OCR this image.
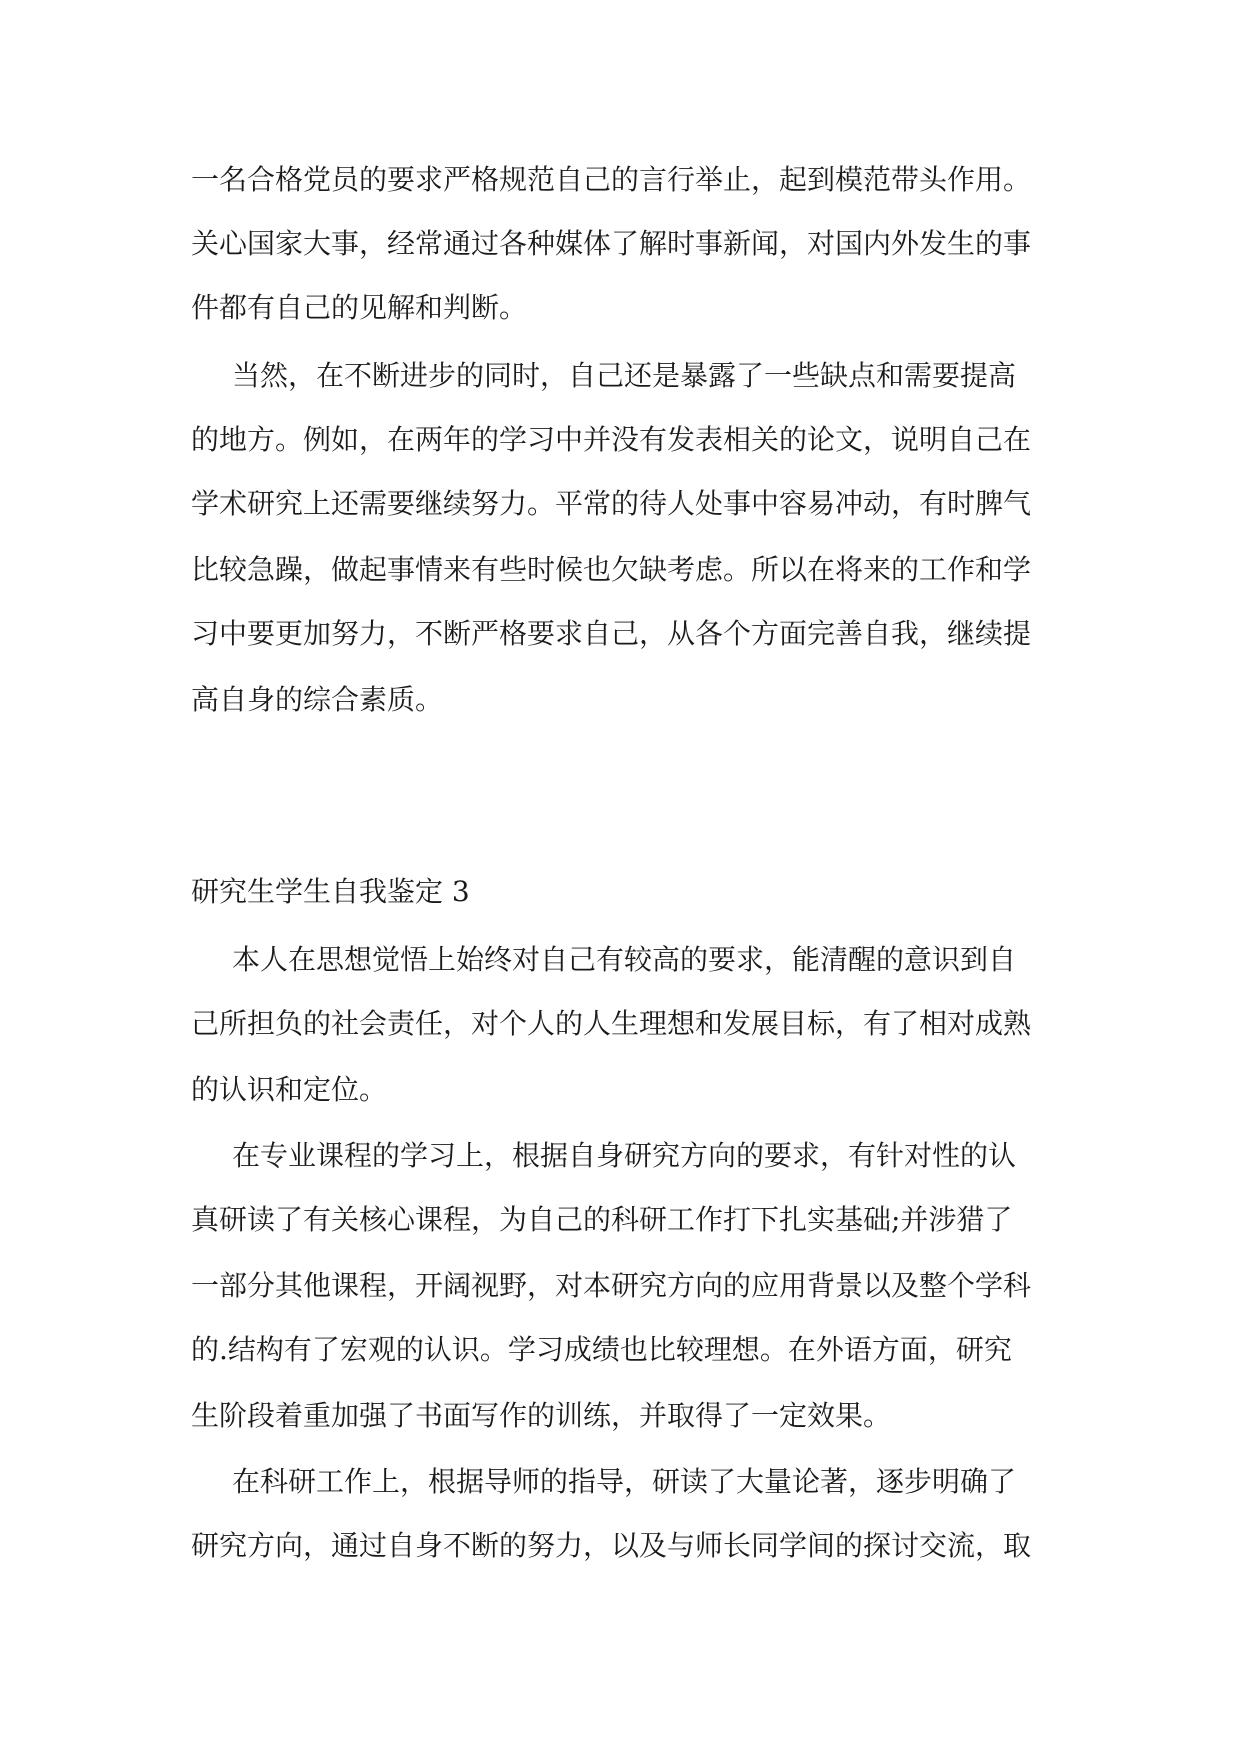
一名合格党员的要求严格规范自己的言行举止，起到模范带头作用。
关心国家大事，经常通过各种媒体了解时事新闻，对国内外发生的事
件都有自己的见解和判断。
当然，在不断进步的同时，自己还是暴露了一些缺点和需要提高
的地方。例如，在两年的学习中并没有发表相关的论文，说明自己在
学术研究上还需要继续努力。平常的待人处事中容易冲动，有时脾气
比较急躁，做起事情来有些时候也欠缺考虑。所以在将来的工作和学
习中要更加努力，不断严格要求自己，从各个方面完善自我，继续提
高自身的综合素质。
研究生学生自我鉴定 3
本人在思想觉悟上始终对自己有较高的要求，能清醒的意识到自
己所担负的社会责任，对个人的人生理想和发展目标，有了相对成熟
的认识和定位。
在专业课程的学习上，根据自身研究方向的要求，有针对性的认
真研读了有关核心课程，为自己的科研工作打下扎实基础;并涉猎了
一部分其他课程，开阔视野，对本研究方向的应用背景以及整个学科
的.结构有了宏观的认识。学习成绩也比较理想。在外语方面，研究
生阶段着重加强了书面写作的训练，并取得了一定效果。
在科研工作上，根据导师的指导，研读了大量论著，逐步明确了
研究方向，通过自身不断的努力，以及与师长同学间的探讨交流，取
